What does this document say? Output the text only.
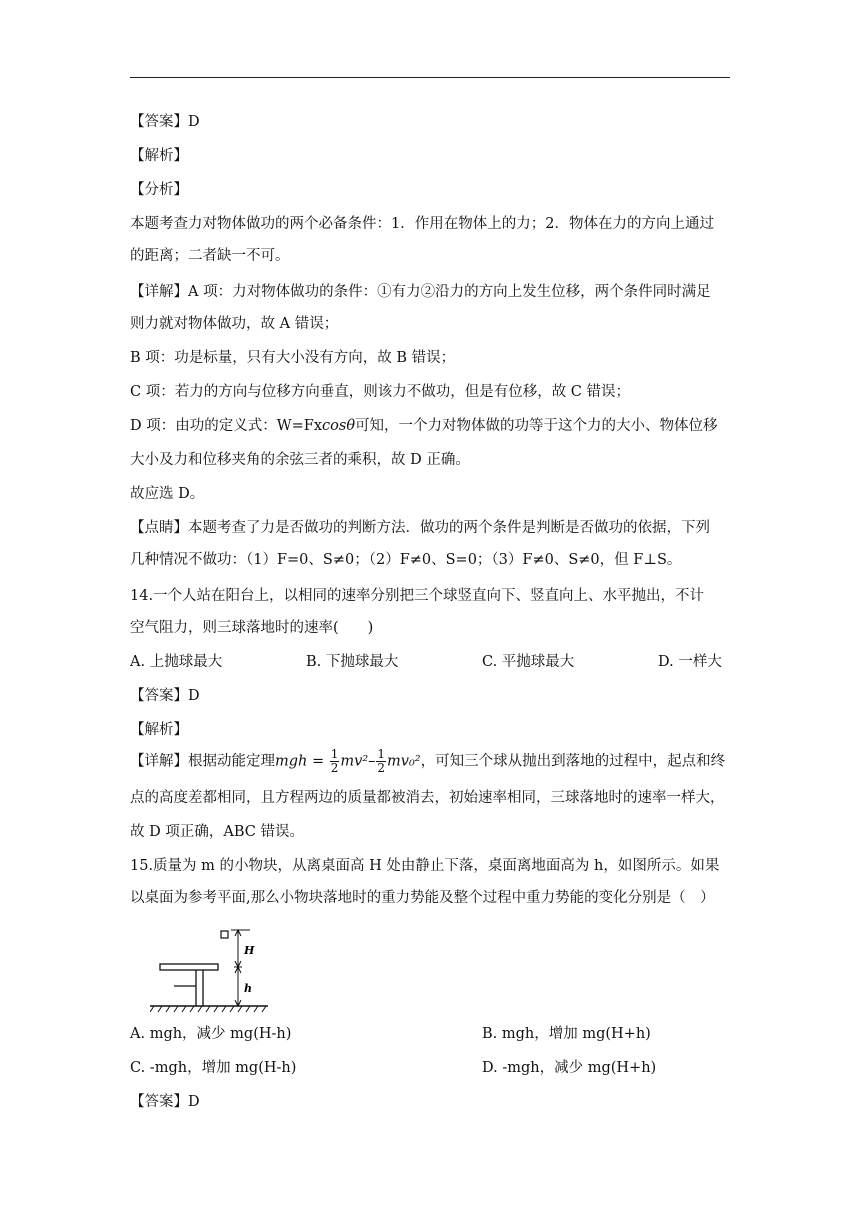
【答案】D
【解析】
【分析】
本题考查力对物体做功的两个必备条件：1．作用在物体上的力；2．物体在力的方向上通过
的距离；二者缺一不可。
【详解】A 项：力对物体做功的条件：①有力②沿力的方向上发生位移，两个条件同时满足
则力就对物体做功，故 A 错误；
B 项：功是标量，只有大小没有方向，故 B 错误；
C 项：若力的方向与位移方向垂直，则该力不做功，但是有位移，故 C 错误；
D 项：由功的定义式：W=Fxcosθ可知，一个力对物体做的功等于这个力的大小、物体位移
大小及力和位移夹角的余弦三者的乘积，故 D 正确。
故应选 D。
【点睛】本题考查了力是否做功的判断方法．做功的两个条件是判断是否做功的依据，下列
几种情况不做功：（1）F=0、S≠0；（2）F≠0、S=0；（3）F≠0、S≠0，但 F⊥S。
14.一个人站在阳台上，以相同的速率分别把三个球竖直向下、竖直向上、水平抛出，不计
空气阻力，则三球落地时的速率(　　)
A. 上抛球最大	B. 下抛球最大	C. 平抛球最大	D. 一样大
【答案】D
【解析】
【详解】根据动能定理mgh = $\frac{1}{2} mv^2- \frac{1}{2} mv_0^2$，可知三个球从抛出到落地的过程中，起点和终
点的高度差都相同，且方程两边的质量都被消去，初始速率相同，三球落地时的速率一样大，
故 D 项正确，ABC 错误。
15.质量为 m 的小物块，从离桌面高 H 处由静止下落，桌面离地面高为 h，如图所示。如果
以桌面为参考平面,那么小物块落地时的重力势能及整个过程中重力势能的变化分别是（　）
H
h
A. mgh，减少 mg(H-h)	B. mgh，增加 mg(H+h)
C. -mgh，增加 mg(H-h)	D. -mgh，减少 mg(H+h)
【答案】D
